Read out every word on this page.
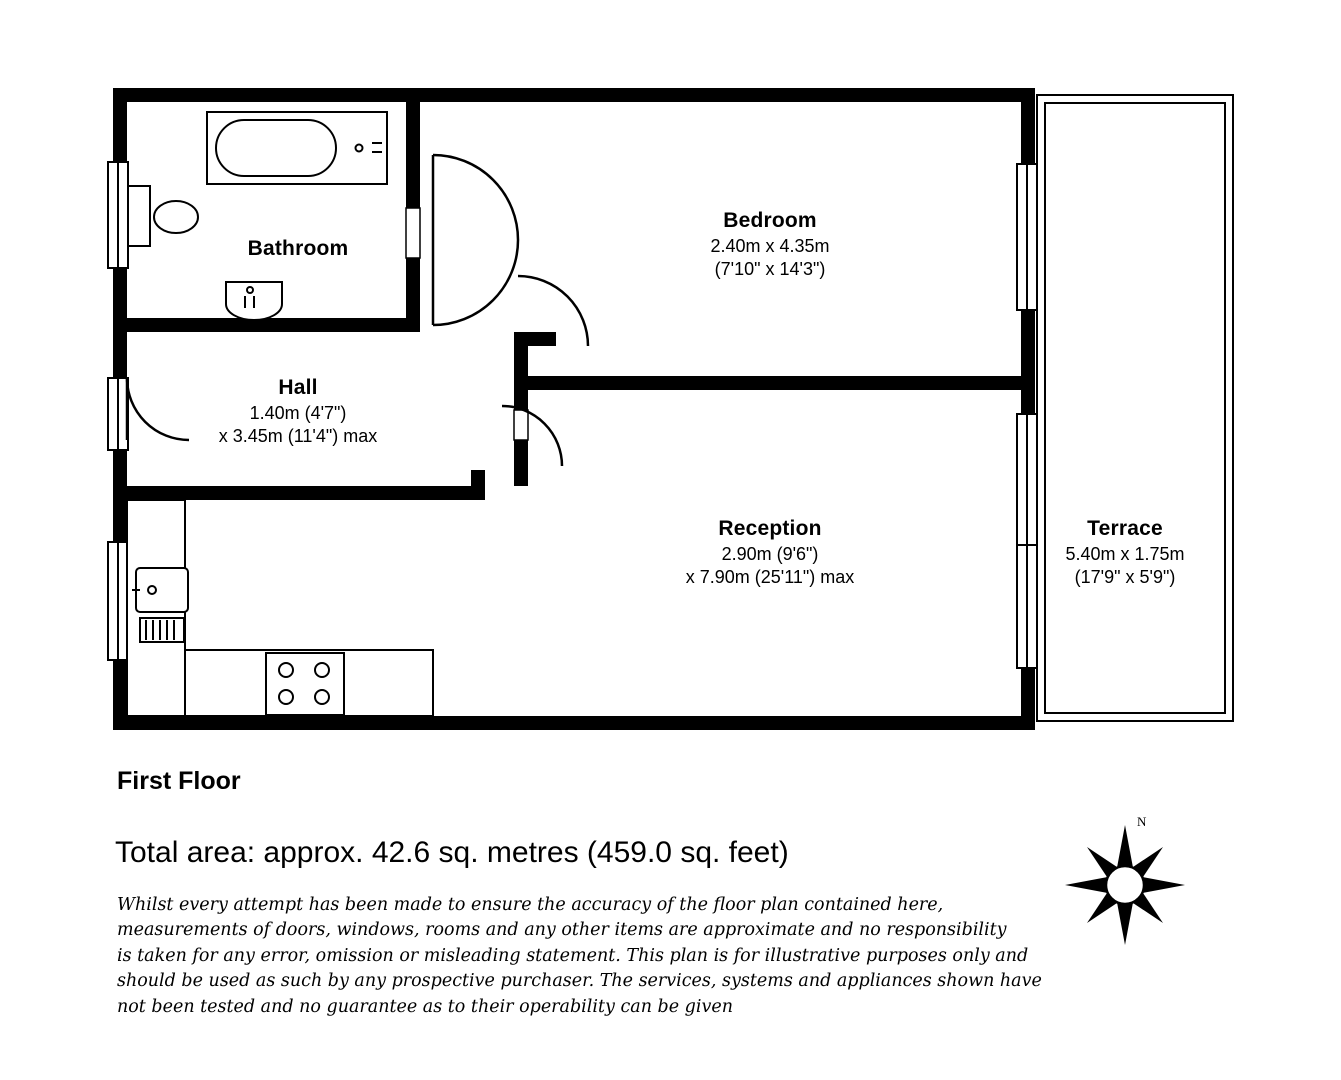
Bathroom
Bedroom
2.40m x 4.35m
(7'10" x 14'3")
Hall
1.40m (4'7")
x 3.45m (11'4") max
Reception
2.90m (9'6")
x 7.90m (25'11") max
Terrace
5.40m x 1.75m
(17'9" x 5'9")
First Floor
Total area: approx. 42.6 sq. metres (459.0 sq. feet)
Whilst every attempt has been made to ensure the accuracy of the floor plan contained here,
measurements of doors, windows, rooms and any other items are approximate and no responsibility
is taken for any error, omission or misleading statement. This plan is for illustrative purposes only and
should be used as such by any prospective purchaser. The services, systems and appliances shown have
not been tested and no guarantee as to their operability can be given
N
